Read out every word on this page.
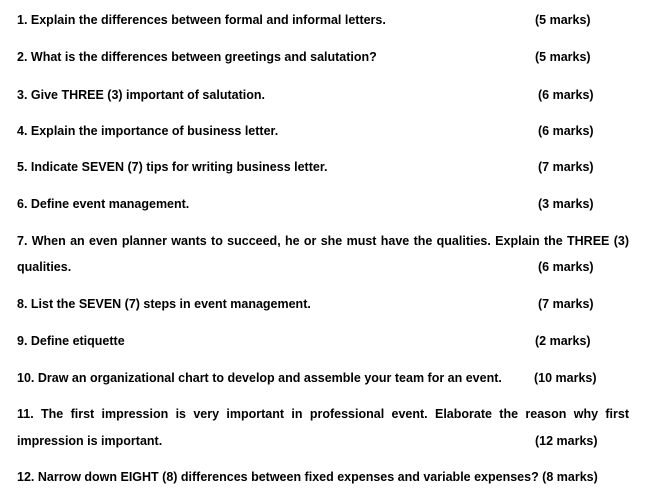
1. Explain the differences between formal and informal letters.	(5 marks)
2. What is the differences between greetings and salutation?	(5 marks)
3. Give THREE (3) important of salutation.	(6 marks)
4. Explain the importance of business letter.	(6 marks)
5. Indicate SEVEN (7) tips for writing business letter.	(7 marks)
6. Define event management.	(3 marks)
7. When an even planner wants to succeed, he or she must have the qualities. Explain the THREE (3)
qualities.	(6 marks)
8. List the SEVEN (7) steps in event management.	(7 marks)
9. Define etiquette	(2 marks)
10. Draw an organizational chart to develop and assemble your team for an event.	(10 marks)
11. The first impression is very important in professional event. Elaborate the reason why first
impression is important.	(12 marks)
12. Narrow down EIGHT (8) differences between fixed expenses and variable expenses? (8 marks)
